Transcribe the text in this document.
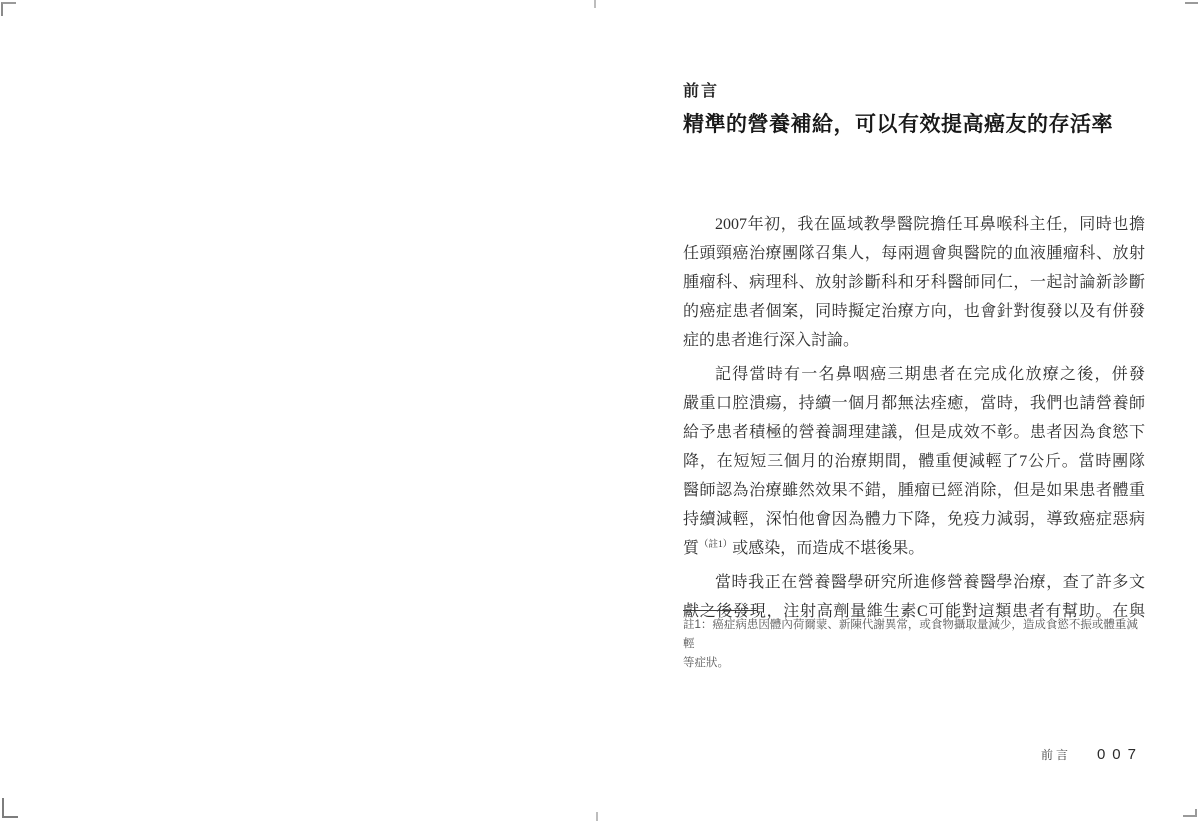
前言
精準的營養補給，可以有效提高癌友的存活率

2007年初，我在區域教學醫院擔任耳鼻喉科主任，同時也擔
任頭頸癌治療團隊召集人，每兩週會與醫院的血液腫瘤科、放射
腫瘤科、病理科、放射診斷科和牙科醫師同仁，一起討論新診斷
的癌症患者個案，同時擬定治療方向，也會針對復發以及有併發
症的患者進行深入討論。

記得當時有一名鼻咽癌三期患者在完成化放療之後，併發
嚴重口腔潰瘍，持續一個月都無法痊癒，當時，我們也請營養師
給予患者積極的營養調理建議，但是成效不彰。患者因為食慾下
降，在短短三個月的治療期間，體重便減輕了7公斤。當時團隊
醫師認為治療雖然效果不錯，腫瘤已經消除，但是如果患者體重
持續減輕，深怕他會因為體力下降，免疫力減弱，導致癌症惡病
質$^{(註1)}$或感染，而造成不堪後果。

當時我正在營養醫學研究所進修營養醫學治療，查了許多文
獻之後發現，注射高劑量維生素C可能對這類患者有幫助。在與

註1：癌症病患因體內荷爾蒙、新陳代謝異常，或食物攝取量減少，造成食慾不振或體重減輕
等症狀。
前言 007
